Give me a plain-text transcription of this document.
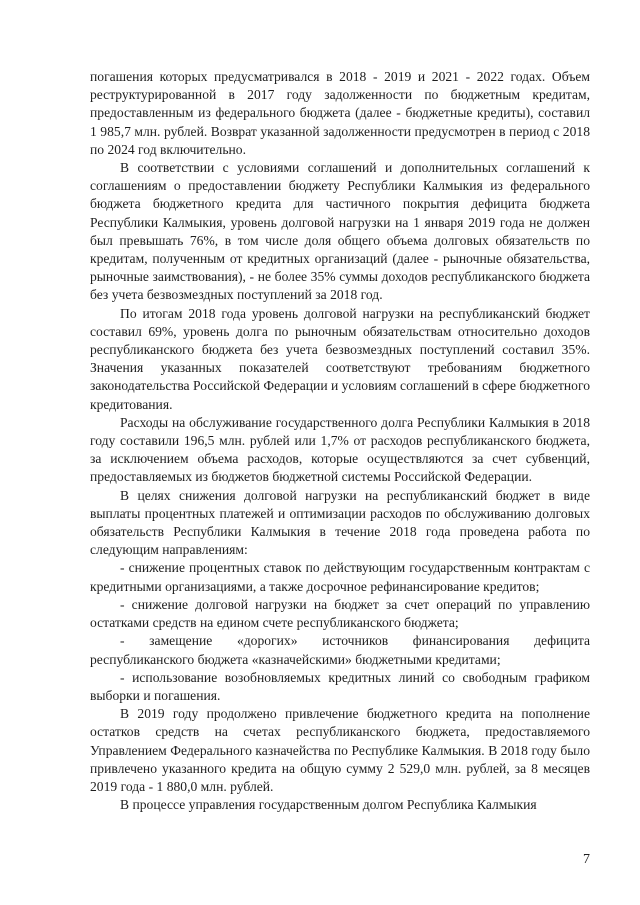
погашения которых предусматривался в 2018 - 2019 и 2021 - 2022 годах. Объем реструктурированной в 2017 году задолженности по бюджетным кредитам, предоставленным из федерального бюджета (далее - бюджетные кредиты), составил 1 985,7 млн. рублей. Возврат указанной задолженности предусмотрен в период с 2018 по 2024 год включительно.

В соответствии с условиями соглашений и дополнительных соглашений к соглашениям о предоставлении бюджету Республики Калмыкия из федерального бюджета бюджетного кредита для частичного покрытия дефицита бюджета Республики Калмыкия, уровень долговой нагрузки на 1 января 2019 года не должен был превышать 76%, в том числе доля общего объема долговых обязательств по кредитам, полученным от кредитных организаций (далее - рыночные обязательства, рыночные заимствования), - не более 35% суммы доходов республиканского бюджета без учета безвозмездных поступлений за 2018 год.

По итогам 2018 года уровень долговой нагрузки на республиканский бюджет составил 69%, уровень долга по рыночным обязательствам относительно доходов республиканского бюджета без учета безвозмездных поступлений составил 35%. Значения указанных показателей соответствуют требованиям бюджетного законодательства Российской Федерации и условиям соглашений в сфере бюджетного кредитования.

Расходы на обслуживание государственного долга Республики Калмыкия в 2018 году составили 196,5 млн. рублей или 1,7% от расходов республиканского бюджета, за исключением объема расходов, которые осуществляются за счет субвенций, предоставляемых из бюджетов бюджетной системы Российской Федерации.

В целях снижения долговой нагрузки на республиканский бюджет в виде выплаты процентных платежей и оптимизации расходов по обслуживанию долговых обязательств Республики Калмыкия в течение 2018 года проведена работа по следующим направлениям:

- снижение процентных ставок по действующим государственным контрактам с кредитными организациями, а также досрочное рефинансирование кредитов;

- снижение долговой нагрузки на бюджет за счет операций по управлению остатками средств на едином счете республиканского бюджета;

- замещение «дорогих» источников финансирования дефицита республиканского бюджета «казначейскими» бюджетными кредитами;

- использование возобновляемых кредитных линий со свободным графиком выборки и погашения.

В 2019 году продолжено привлечение бюджетного кредита на пополнение остатков средств на счетах республиканского бюджета, предоставляемого Управлением Федерального казначейства по Республике Калмыкия. В 2018 году было привлечено указанного кредита на общую сумму 2 529,0 млн. рублей, за 8 месяцев 2019 года - 1 880,0 млн. рублей.

В процессе управления государственным долгом Республика Калмыкия

7
